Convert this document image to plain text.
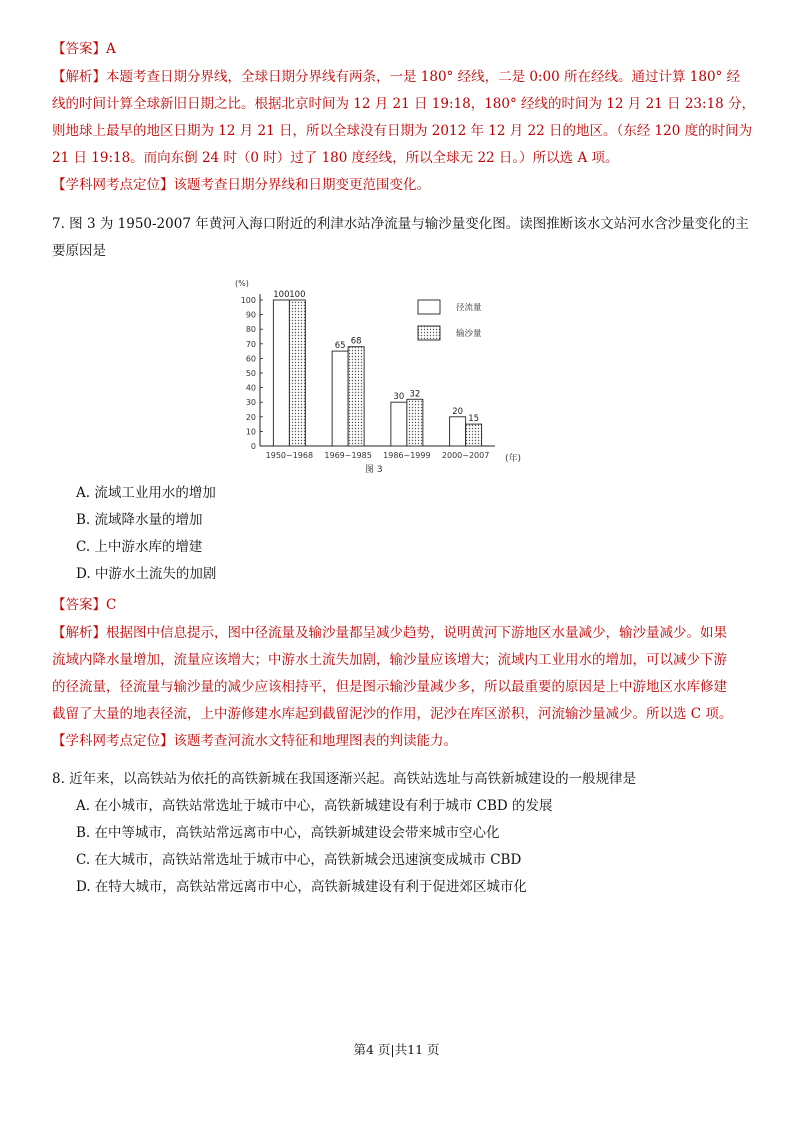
【答案】A
【解析】本题考查日期分界线，全球日期分界线有两条，一是 180° 经线，二是 0:00 所在经线。通过计算 180° 经
线的时间计算全球新旧日期之比。根据北京时间为 12 月 21 日 19:18，180° 经线的时间为 12 月 21 日 23:18 分，
则地球上最早的地区日期为 12 月 21 日，所以全球没有日期为 2012 年 12 月 22 日的地区。（东经 120 度的时间为
21 日 19:18。而向东倒 24 时（0 时）过了 180 度经线，所以全球无 22 日。）所以选 A 项。
【学科网考点定位】该题考查日期分界线和日期变更范围变化。
7. 图 3 为 1950-2007 年黄河入海口附近的利津水站净流量与输沙量变化图。读图推断该水文站河水含沙量变化的主
要原因是
0
10
20
30
40
50
60
70
80
90
100
100 100
65 68
30 32
20
15
1950~1968 1969~1985 1986~1999 2000~2007
径流量
输沙量
(%)
(年)
图 3
A. 流域工业用水的增加
B. 流域降水量的增加
C. 上中游水库的增建
D. 中游水土流失的加剧
【答案】C
【解析】根据图中信息提示，图中径流量及输沙量都呈减少趋势，说明黄河下游地区水量减少，输沙量减少。如果
流域内降水量增加，流量应该增大；中游水土流失加剧，输沙量应该增大；流域内工业用水的增加，可以减少下游
的径流量，径流量与输沙量的减少应该相持平，但是图示输沙量减少多，所以最重要的原因是上中游地区水库修建
截留了大量的地表径流，上中游修建水库起到截留泥沙的作用，泥沙在库区淤积，河流输沙量减少。所以选 C 项。
【学科网考点定位】该题考查河流水文特征和地理图表的判读能力。
8. 近年来，以高铁站为依托的高铁新城在我国逐渐兴起。高铁站选址与高铁新城建设的一般规律是
A. 在小城市，高铁站常选址于城市中心，高铁新城建设有利于城市 CBD 的发展
B. 在中等城市，高铁站常远离市中心，高铁新城建设会带来城市空心化
C. 在大城市，高铁站常选址于城市中心，高铁新城会迅速演变成城市 CBD
D. 在特大城市，高铁站常远离市中心，高铁新城建设有利于促进郊区城市化
第4 页|共11 页
